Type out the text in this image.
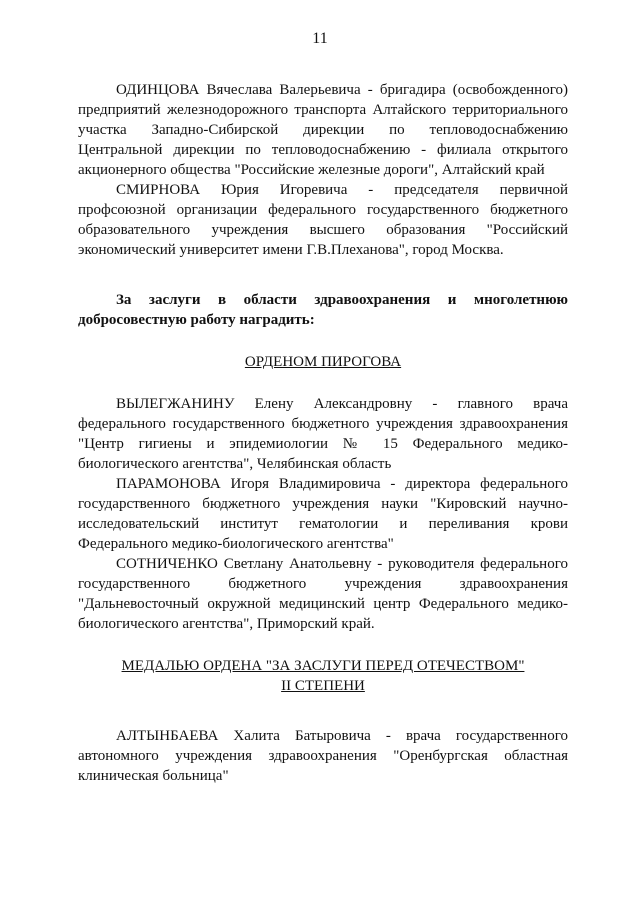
11

ОДИНЦОВА Вячеслава Валерьевича - бригадира (освобожденного) предприятий железнодорожного транспорта Алтайского территориального участка Западно-Сибирской дирекции по тепловодоснабжению Центральной дирекции по тепловодоснабжению - филиала открытого акционерного общества "Российские железные дороги", Алтайский край

СМИРНОВА Юрия Игоревича - председателя первичной профсоюзной организации федерального государственного бюджетного образовательного учреждения высшего образования "Российский экономический университет имени Г.В.Плеханова", город Москва.

За заслуги в области здравоохранения и многолетнюю добросовестную работу наградить:

ОРДЕНОМ ПИРОГОВА

ВЫЛЕГЖАНИНУ Елену Александровну - главного врача федерального государственного бюджетного учреждения здравоохранения "Центр гигиены и эпидемиологии № 15 Федерального медико-биологического агентства", Челябинская область

ПАРАМОНОВА Игоря Владимировича - директора федерального государственного бюджетного учреждения науки "Кировский научно-исследовательский институт гематологии и переливания крови Федерального медико-биологического агентства"

СОТНИЧЕНКО Светлану Анатольевну - руководителя федерального государственного бюджетного учреждения здравоохранения "Дальневосточный окружной медицинский центр Федерального медико-биологического агентства", Приморский край.

МЕДАЛЬЮ ОРДЕНА "ЗА ЗАСЛУГИ ПЕРЕД ОТЕЧЕСТВОМ"

II СТЕПЕНИ

АЛТЫНБАЕВА Халита Батыровича - врача государственного автономного учреждения здравоохранения "Оренбургская областная клиническая больница"
